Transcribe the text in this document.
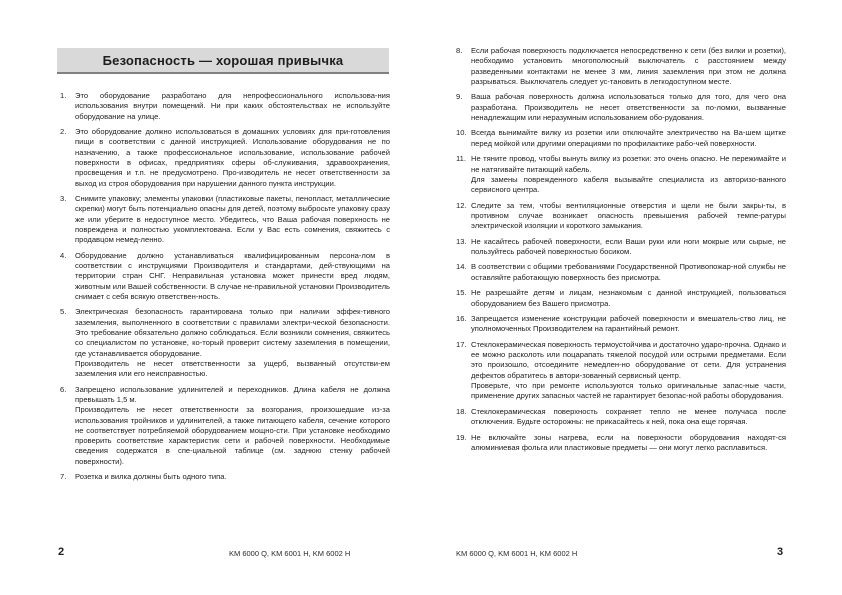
Безопасность — хорошая привычка
1.	Это оборудование разработано для непрофессионального использова-ния использования внутри помещений. Ни при каких обстоятельствах не используйте оборудование на улице.

2.	Это оборудование должно использоваться в домашних условиях для при-готовления пищи в соответствии с данной инструкцией. Использование оборудования не по назначению, а также профессиональное использование, использование рабочей поверхности в офисах, предприятиях сферы об-служивания, здравоохранения, просвещения и т.п. не предусмотрено. Про-изводитель не несет ответственности за выход из строя оборудования при нарушении данного пункта инструкции.

3.	Снимите упаковку; элементы упаковки (пластиковые пакеты, пенопласт, металлические скрепки) могут быть потенциально опасны для детей, поэтому выбросьте упаковку сразу же или уберите в недоступное место. Убедитесь, что Ваша рабочая поверхность не повреждена и полностью укомплектована. Если у Вас есть сомнения, свяжитесь с продавцом немед-ленно.

4.	Оборудование должно устанавливаться квалифицированным персона-лом в соответствии с инструкциями Производителя и стандартами, дей-ствующими на территории стран СНГ. Неправильная установка может принести вред людям, животным или Вашей собственности. В случае не-правильной установки Производитель снимает с себя всякую ответствен-ность.

5.	Электрическая безопасность гарантирована только при наличии эффек-тивного заземления, выполненного в соответствии с правилами электри-ческой безопасности. Это требование обязательно должно соблюдаться. Если возникли сомнения, свяжитесь со специалистом по установке, ко-торый проверит систему заземления в помещении, где устанавливается оборудование.

Производитель не несет ответственности за ущерб, вызванный отсутстви-ем заземления или его неисправностью.

6.	Запрещено использование удлинителей и переходников. Длина кабеля не должна превышать 1,5 м.

Производитель не несет ответственности за возгорания, произошедшие из-за использования тройников и удлинителей, а также питающего кабеля, сечение которого не соответствует потребляемой оборудованием мощно-сти. При установке необходимо проверить соответствие характеристик сети и рабочей поверхности. Необходимые сведения содержатся в спе-циальной таблице (см. заднюю стенку рабочей поверхности).

7.	Розетка и вилка должны быть одного типа.

8.	Если рабочая поверхность подключается непосредственно к сети (без вилки и розетки), необходимо установить многополюсный выключатель с расстоянием между разведенными контактами не менее 3 мм, линия заземления при этом не должна разрываться. Выключатель следует ус-тановить в легкодоступном месте.

9.	Ваша рабочая поверхность должна использоваться только для того, для чего она разработана. Производитель не несет ответственности за по-ломки, вызванные ненадлежащим или неразумным использованием обо-рудования.

10. Всегда вынимайте вилку из розетки или отключайте электричество на Ва-шем щитке перед мойкой или другими операциями по профилактике рабо-чей поверхности.

11. Не тяните провод, чтобы вынуть вилку из розетки: это очень опасно. Не пережимайте и не натягивайте питающий кабель.

Для замены поврежденного кабеля вызывайте специалиста из авторизо-ванного сервисного центра.

12. Следите за тем, чтобы вентиляционные отверстия и щели не были закры-ты, в противном случае возникает опасность превышения рабочей темпе-ратуры электрической изоляции и короткого замыкания.

13. Не касайтесь рабочей поверхности, если Ваши руки или ноги мокрые или сырые, не пользуйтесь рабочей поверхностью босиком.

14. В соответствии с общими требованиями Государственной Противопожар-ной службы не оставляйте работающую поверхность без присмотра.

15. Не разрешайте детям и лицам, незнакомым с данной инструкцией, пользоваться оборудованием без Вашего присмотра.

16. Запрещается изменение конструкции рабочей поверхности и вмешатель-ство лиц, не уполномоченных Производителем на гарантийный ремонт.

17. Стеклокерамическая поверхность термоустойчива и достаточно ударо-прочна. Однако и ее можно расколоть или поцарапать тяжелой посудой или острыми предметами. Если это произошло, отсоедините немедлен-но оборудование от сети. Для устранения дефектов обратитесь в автори-зованный сервисный центр.

Проверьте, что при ремонте используются только оригинальные запас-ные части, применение других запасных частей не гарантирует безопас-ной работы оборудования.

18. Стеклокерамическая поверхность сохраняет тепло не менее получаса после отключения. Будьте осторожны: не прикасайтесь к ней, пока она еще горячая.

19. Не включайте зоны нагрева, если на поверхности оборудования находят-ся алюминиевая фольга или пластиковые предметы — они могут легко расплавиться.

2	KM 6000 Q, KM 6001 H, KM 6002 H	KM 6000 Q, KM 6001 H, KM 6002 H	3
